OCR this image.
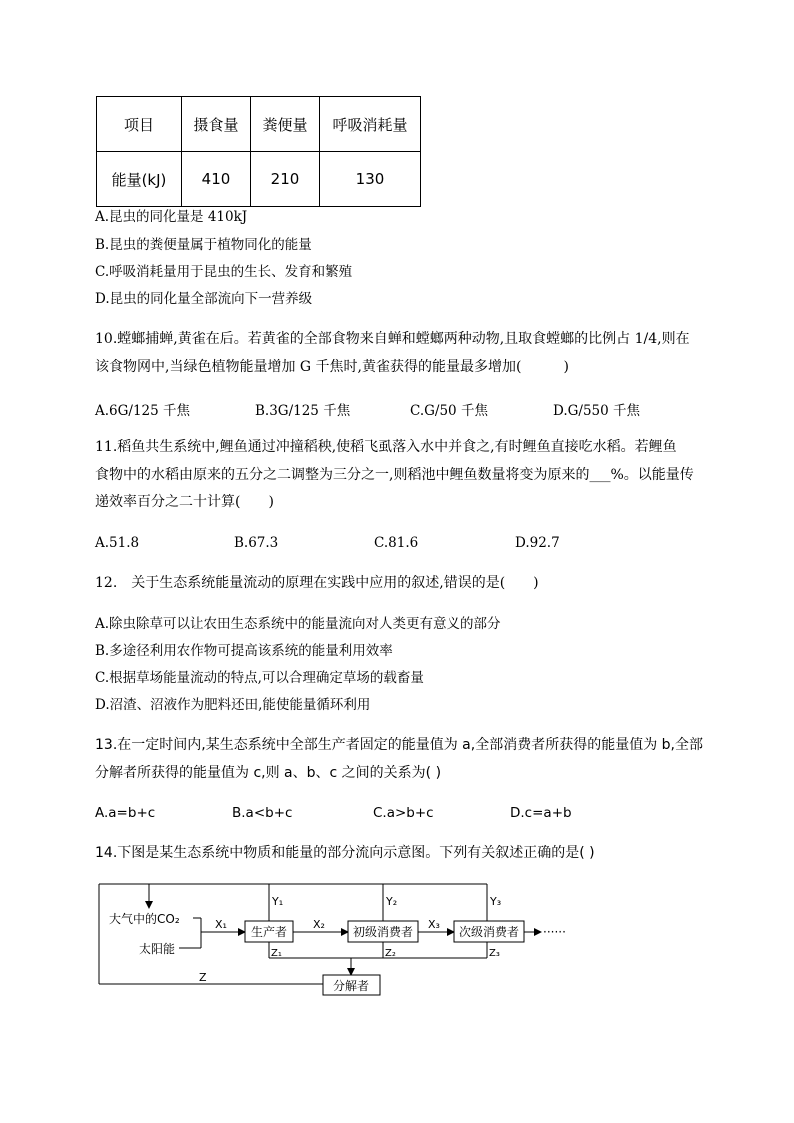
项目	摄食量	粪便量	呼吸消耗量
能量(kJ)	410	210	130
A.昆虫的同化量是 410kJ
B.昆虫的粪便量属于植物同化的能量
C.呼吸消耗量用于昆虫的生长、发育和繁殖
D.昆虫的同化量全部流向下一营养级
10.螳螂捕蝉,黄雀在后。若黄雀的全部食物来自蝉和螳螂两种动物,且取食螳螂的比例占 1/4,则在
该食物网中,当绿色植物能量增加 G 千焦时,黄雀获得的能量最多增加(　　　)
A.6G/125 千焦	B.3G/125 千焦	C.G/50 千焦	D.G/550 千焦
11.稻鱼共生系统中,鲤鱼通过冲撞稻秧,使稻飞虱落入水中并食之,有时鲤鱼直接吃水稻。若鲤鱼
食物中的水稻由原来的五分之二调整为三分之一,则稻池中鲤鱼数量将变为原来的___%。以能量传
递效率百分之二十计算(　　)
A.51.8	B.67.3	C.81.6	D.92.7
12.　关于生态系统能量流动的原理在实践中应用的叙述,错误的是(　　)
A.除虫除草可以让农田生态系统中的能量流向对人类更有意义的部分
B.多途径利用农作物可提高该系统的能量利用效率
C.根据草场能量流动的特点,可以合理确定草场的载畜量
D.沼渣、沼液作为肥料还田,能使能量循环利用
13.在一定时间内,某生态系统中全部生产者固定的能量值为 a,全部消费者所获得的能量值为 b,全部
分解者所获得的能量值为 c,则 a、b、c 之间的关系为( )
A.a=b+c	B.a<b+c	C.a>b+c	D.c=a+b
14.下图是某生态系统中物质和能量的部分流向示意图。下列有关叙述正确的是( )
Z
大气中的CO₂
太阳能
X₁
生产者
Y₁
X₂
初级消费者
Y₂
X₃
次级消费者
Y₃
······
Z₁	Z₂	Z₃
分解者
